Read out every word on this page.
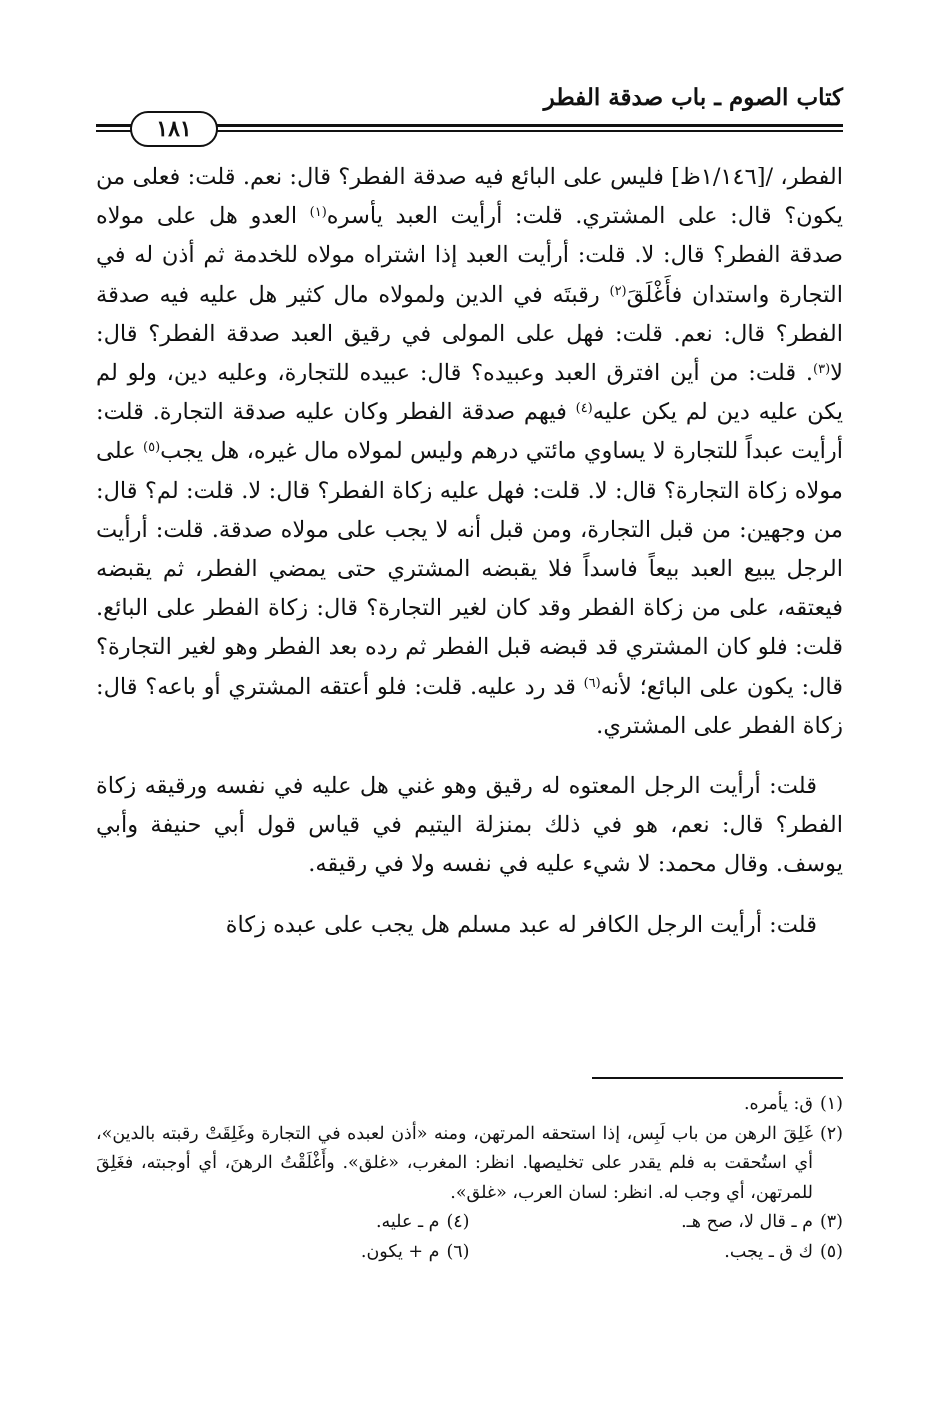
كتاب الصوم ـ باب صدقة الفطر
١٨١

الفطر، /[١/١٤٦ظ] فليس على البائع فيه صدقة الفطر؟ قال: نعم. قلت: فعلى من يكون؟ قال: على المشتري. قلت: أرأيت العبد يأسره$^{(١)}$ العدو هل على مولاه صدقة الفطر؟ قال: لا. قلت: أرأيت العبد إذا اشتراه مولاه للخدمة ثم أذن له في التجارة واستدان فأَغْلَقَ$^{(٢)}$ رقبتَه في الدين ولمولاه مال كثير هل عليه فيه صدقة الفطر؟ قال: نعم. قلت: فهل على المولى في رقيق العبد صدقة الفطر؟ قال: لا$^{(٣)}$. قلت: من أين افترق العبد وعبيده؟ قال: عبيده للتجارة، وعليه دين، ولو لم يكن عليه دين لم يكن عليه$^{(٤)}$ فيهم صدقة الفطر وكان عليه صدقة التجارة. قلت: أرأيت عبداً للتجارة لا يساوي مائتي درهم وليس لمولاه مال غيره، هل يجب$^{(٥)}$ على مولاه زكاة التجارة؟ قال: لا. قلت: فهل عليه زكاة الفطر؟ قال: لا. قلت: لم؟ قال: من وجهين: من قبل التجارة، ومن قبل أنه لا يجب على مولاه صدقة. قلت: أرأيت الرجل يبيع العبد بيعاً فاسداً فلا يقبضه المشتري حتى يمضي الفطر، ثم يقبضه فيعتقه، على من زكاة الفطر وقد كان لغير التجارة؟ قال: زكاة الفطر على البائع. قلت: فلو كان المشتري قد قبضه قبل الفطر ثم رده بعد الفطر وهو لغير التجارة؟ قال: يكون على البائع؛ لأنه$^{(٦)}$ قد رد عليه. قلت: فلو أعتقه المشتري أو باعه؟ قال: زكاة الفطر على المشتري.

قلت: أرأيت الرجل المعتوه له رقيق وهو غني هل عليه في نفسه ورقيقه زكاة الفطر؟ قال: نعم، هو في ذلك بمنزلة اليتيم في قياس قول أبي حنيفة وأبي يوسف. وقال محمد: لا شيء عليه في نفسه ولا في رقيقه.

قلت: أرأيت الرجل الكافر له عبد مسلم هل يجب على عبده زكاة

(١)
ق: يأمره.
(٢)
غَلِقَ الرهن من باب لَبِس، إذا استحقه المرتهن، ومنه «أذن لعبده في التجارة وغَلِقَتْ رقبته بالدين»، أي استُحقت به فلم يقدر على تخليصها. انظر: المغرب، «غلق». وأَغْلَقْتُ الرهنَ، أي أوجبته، فغَلِقَ للمرتهن، أي وجب له. انظر: لسان العرب، «غلق».
(٣)
م ـ قال لا، صح هـ.
(٤)
م ـ عليه.
(٥)
ك ق ـ يجب.
(٦)
م + يكون.
